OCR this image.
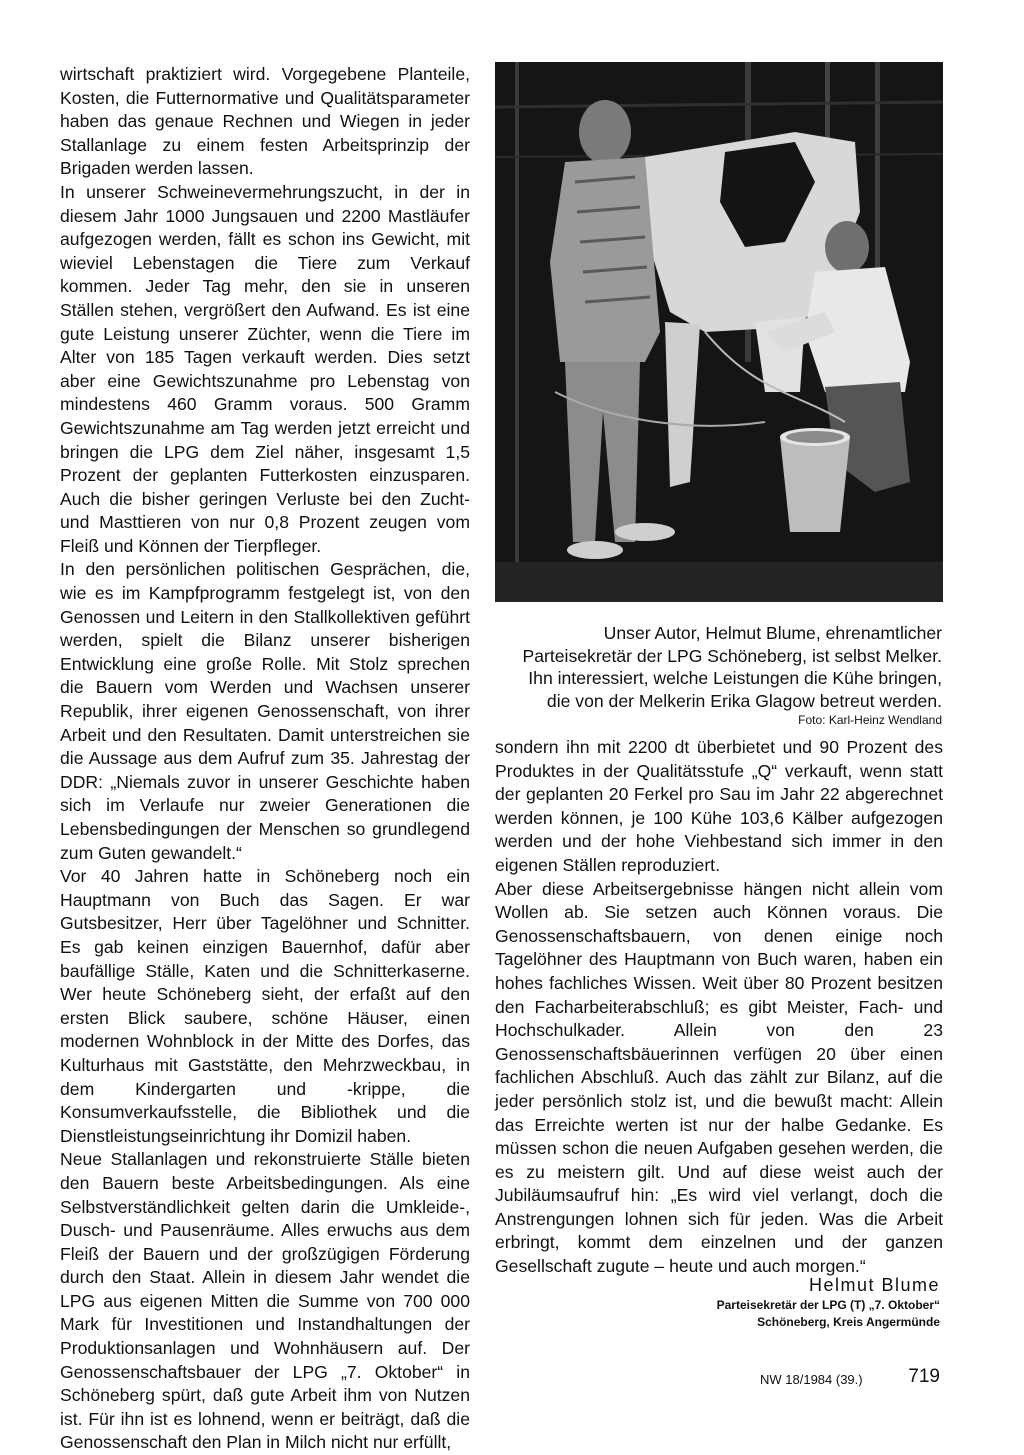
wirtschaft praktiziert wird. Vorgegebene Planteile, Kosten, die Futternormative und Qualitätsparameter haben das genaue Rechnen und Wiegen in jeder Stallanlage zu einem festen Arbeitsprinzip der Brigaden werden lassen.

In unserer Schweinevermehrungszucht, in der in diesem Jahr 1000 Jungsauen und 2200 Mastläufer aufgezogen werden, fällt es schon ins Gewicht, mit wieviel Lebenstagen die Tiere zum Verkauf kommen. Jeder Tag mehr, den sie in unseren Ställen stehen, vergrößert den Aufwand. Es ist eine gute Leistung unserer Züchter, wenn die Tiere im Alter von 185 Tagen verkauft werden. Dies setzt aber eine Gewichtszunahme pro Lebenstag von mindestens 460 Gramm voraus. 500 Gramm Gewichtszunahme am Tag werden jetzt erreicht und bringen die LPG dem Ziel näher, insgesamt 1,5 Prozent der geplanten Futterkosten einzusparen. Auch die bisher geringen Verluste bei den Zucht- und Masttieren von nur 0,8 Prozent zeugen vom Fleiß und Können der Tierpfleger.

In den persönlichen politischen Gesprächen, die, wie es im Kampfprogramm festgelegt ist, von den Genossen und Leitern in den Stallkollektiven geführt werden, spielt die Bilanz unserer bisherigen Entwicklung eine große Rolle. Mit Stolz sprechen die Bauern vom Werden und Wachsen unserer Republik, ihrer eigenen Genossenschaft, von ihrer Arbeit und den Resultaten. Damit unterstreichen sie die Aussage aus dem Aufruf zum 35. Jahrestag der DDR: „Niemals zuvor in unserer Geschichte haben sich im Verlaufe nur zweier Generationen die Lebensbedingungen der Menschen so grundlegend zum Guten gewandelt.“

Vor 40 Jahren hatte in Schöneberg noch ein Hauptmann von Buch das Sagen. Er war Gutsbesitzer, Herr über Tagelöhner und Schnitter. Es gab keinen einzigen Bauernhof, dafür aber baufällige Ställe, Katen und die Schnitterkaserne. Wer heute Schöneberg sieht, der erfaßt auf den ersten Blick saubere, schöne Häuser, einen modernen Wohnblock in der Mitte des Dorfes, das Kulturhaus mit Gaststätte, den Mehrzweckbau, in dem Kindergarten und -krippe, die Konsumverkaufsstelle, die Bibliothek und die Dienstleistungseinrichtung ihr Domizil haben.

Neue Stallanlagen und rekonstruierte Ställe bieten den Bauern beste Arbeitsbedingungen. Als eine Selbstverständlichkeit gelten darin die Umkleide-, Dusch- und Pausenräume. Alles erwuchs aus dem Fleiß der Bauern und der großzügigen Förderung durch den Staat. Allein in diesem Jahr wendet die LPG aus eigenen Mitten die Summe von 700 000 Mark für Investitionen und Instandhaltungen der Produktionsanlagen und Wohnhäusern auf. Der Genossenschaftsbauer der LPG „7. Oktober“ in Schöneberg spürt, daß gute Arbeit ihm von Nutzen ist. Für ihn ist es lohnend, wenn er beiträgt, daß die Genossenschaft den Plan in Milch nicht nur erfüllt,

Unser Autor, Helmut Blume, ehrenamtlicher Parteisekretär der LPG Schöneberg, ist selbst Melker. Ihn interessiert, welche Leistungen die Kühe bringen, die von der Melkerin Erika Glagow betreut werden.

Foto: Karl-Heinz Wendland

sondern ihn mit 2200 dt überbietet und 90 Prozent des Produktes in der Qualitätsstufe „Q“ verkauft, wenn statt der geplanten 20 Ferkel pro Sau im Jahr 22 abgerechnet werden können, je 100 Kühe 103,6 Kälber aufgezogen werden und der hohe Viehbestand sich immer in den eigenen Ställen reproduziert.

Aber diese Arbeitsergebnisse hängen nicht allein vom Wollen ab. Sie setzen auch Können voraus. Die Genossenschaftsbauern, von denen einige noch Tagelöhner des Hauptmann von Buch waren, haben ein hohes fachliches Wissen. Weit über 80 Prozent besitzen den Facharbeiterabschluß; es gibt Meister, Fach- und Hochschulkader. Allein von den 23 Genossenschaftsbäuerinnen verfügen 20 über einen fachlichen Abschluß. Auch das zählt zur Bilanz, auf die jeder persönlich stolz ist, und die bewußt macht: Allein das Erreichte werten ist nur der halbe Gedanke. Es müssen schon die neuen Aufgaben gesehen werden, die es zu meistern gilt. Und auf diese weist auch der Jubiläumsaufruf hin: „Es wird viel verlangt, doch die Anstrengungen lohnen sich für jeden. Was die Arbeit erbringt, kommt dem einzelnen und der ganzen Gesellschaft zugute – heute und auch morgen.“

Helmut Blume
Parteisekretär der LPG (T) „7. Oktober“
Schöneberg, Kreis Angermünde
NW 18/1984 (39.) 719
